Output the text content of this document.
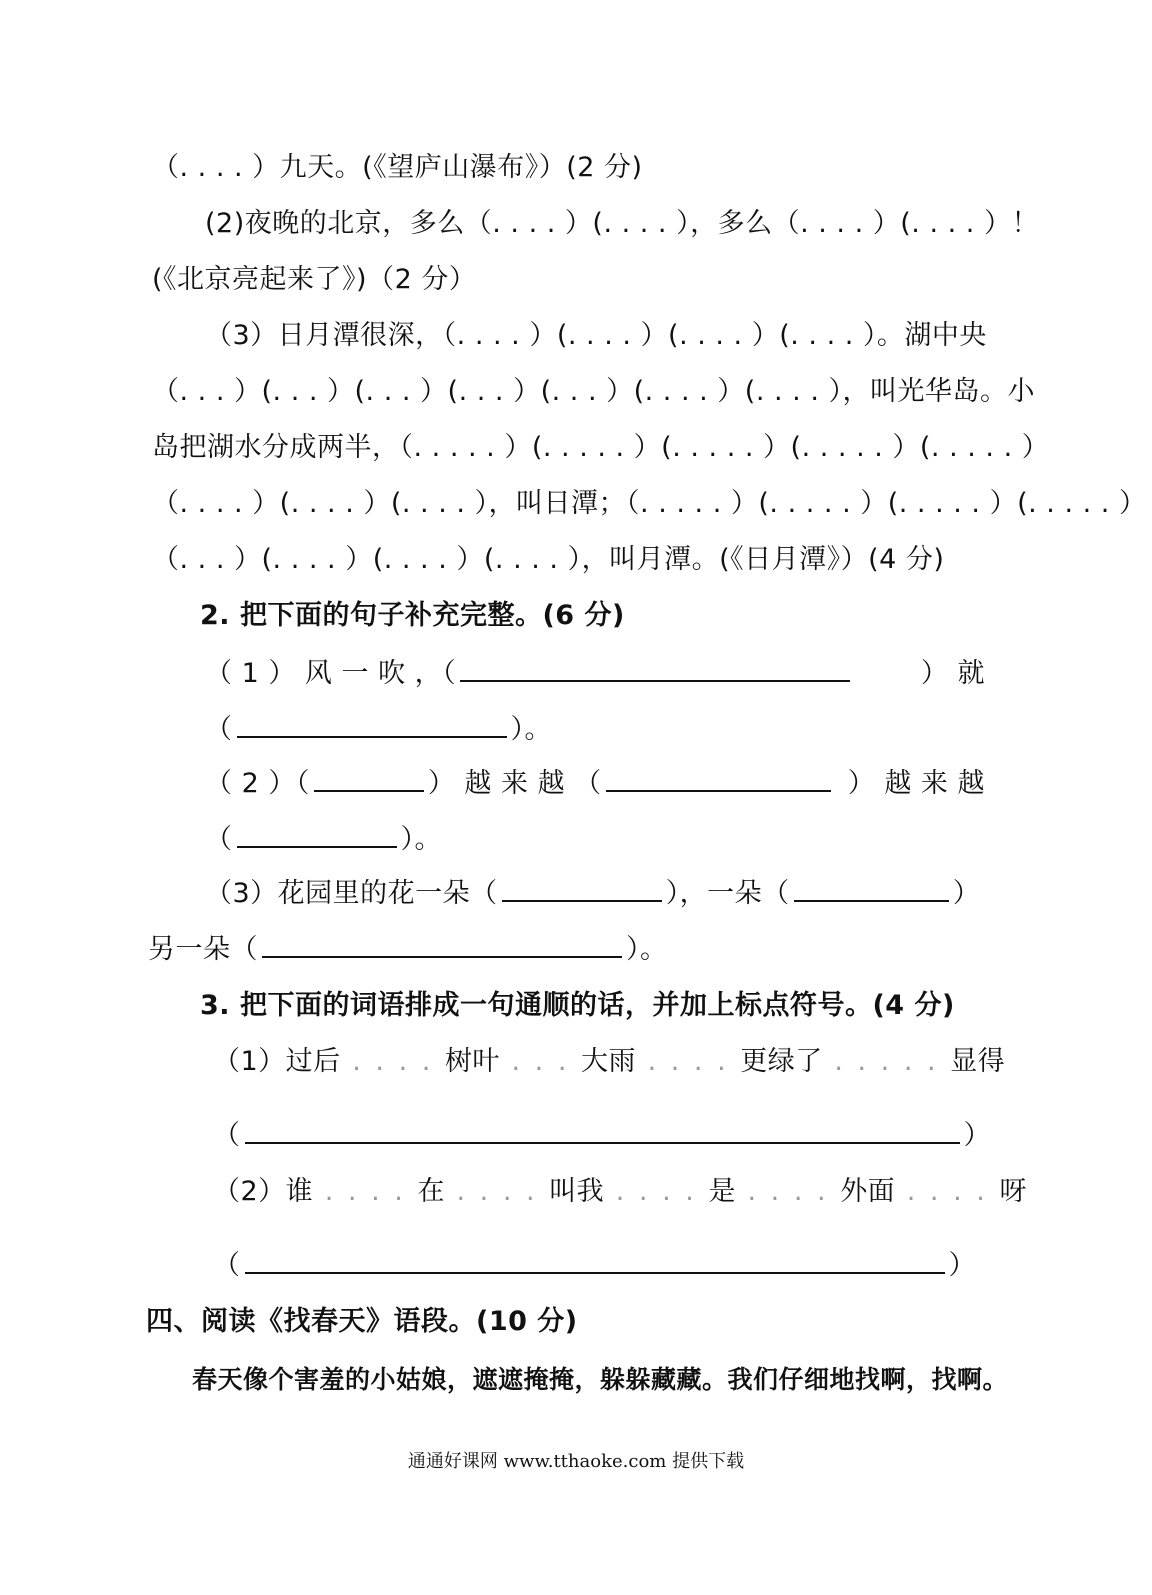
（. . . . ）九天。(《望庐山瀑布》）(2 分)
(2)夜晚的北京，多么（. . . . ）(. . . . ），多么（. . . . ）(. . . . ）！
(《北京亮起来了》)（2 分）
（3）日月潭很深，（. . . . ）(. . . . ）(. . . . ）(. . . . ）。湖中央
（. . . ）(. . . ）(. . . ）(. . . ）(. . . ）(. . . . ）(. . . . ），叫光华岛。小
岛把湖水分成两半，（. . . . . ）(. . . . . ）(. . . . . ）(. . . . . ）(. . . . . ）
（. . . . ）(. . . . ）(. . . . ），叫日潭；（. . . . . ）(. . . . . ）(. . . . . ）(. . . . . ）
（. . . ）(. . . . ）(. . . . ）(. . . . ），叫月潭。(《日月潭》）(4 分)
2. 把下面的句子补充完整。(6 分)
（ 1 ） 风 一 吹 ，（	） 就
（	）。
（ 2 ）（	） 越 来 越 （	） 越 来 越
（	）。
（3）花园里的花一朵（	），一朵（	）
另一朵（	）。
3. 把下面的词语排成一句通顺的话，并加上标点符号。(4 分)
（1）过后 . . . . 树叶 . . . 大雨 . . . . 更绿了 . . . . . 显得
（	）
（2）谁 . . . . 在 . . . . 叫我 . . . . 是 . . . . 外面 . . . . 呀
（	）
四、阅读《找春天》语段。(10 分)
春天像个害羞的小姑娘，遮遮掩掩，躲躲藏藏。我们仔细地找啊，找啊。
通通好课网 www.tthaoke.com 提供下载
